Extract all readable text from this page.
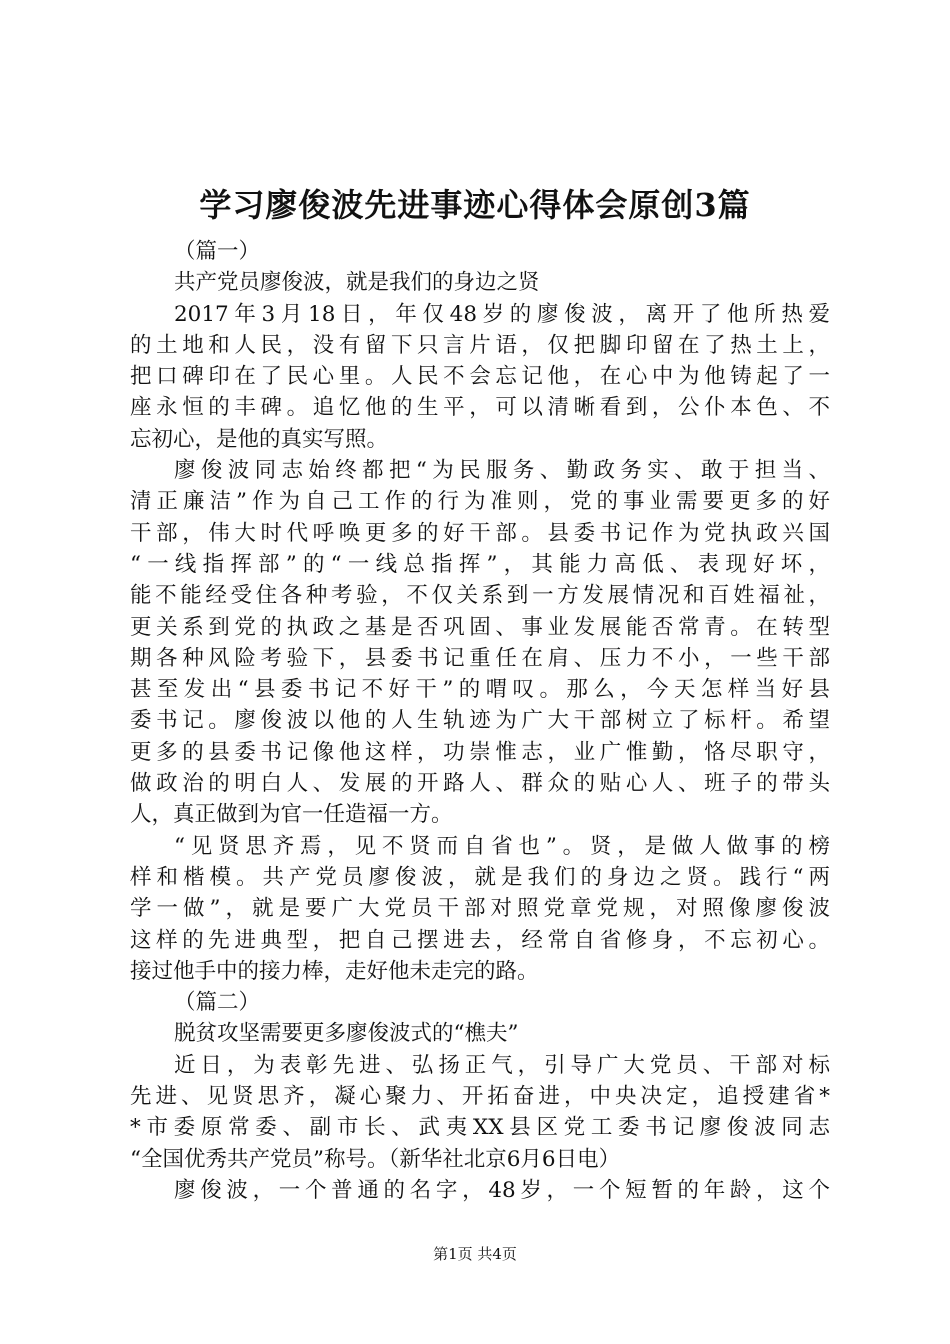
学习廖俊波先进事迹心得体会原创3篇

（篇一）

共产党员廖俊波，就是我们的身边之贤

2017年3月18日，年仅48岁的廖俊波，离开了他所热爱

的土地和人民，没有留下只言片语，仅把脚印留在了热土上，

把口碑印在了民心里。人民不会忘记他，在心中为他铸起了一

座永恒的丰碑。追忆他的生平，可以清晰看到，公仆本色、不

忘初心，是他的真实写照。

廖俊波同志始终都把“为民服务、勤政务实、敢于担当、

清正廉洁”作为自己工作的行为准则，党的事业需要更多的好

干部，伟大时代呼唤更多的好干部。县委书记作为党执政兴国

“一线指挥部”的“一线总指挥”，其能力高低、表现好坏，

能不能经受住各种考验，不仅关系到一方发展情况和百姓福祉，

更关系到党的执政之基是否巩固、事业发展能否常青。在转型

期各种风险考验下，县委书记重任在肩、压力不小，一些干部

甚至发出“县委书记不好干”的喟叹。那么，今天怎样当好县

委书记。廖俊波以他的人生轨迹为广大干部树立了标杆。希望

更多的县委书记像他这样，功崇惟志，业广惟勤，恪尽职守，

做政治的明白人、发展的开路人、群众的贴心人、班子的带头

人，真正做到为官一任造福一方。

“见贤思齐焉，见不贤而自省也”。贤，是做人做事的榜

样和楷模。共产党员廖俊波，就是我们的身边之贤。践行“两

学一做”，就是要广大党员干部对照党章党规，对照像廖俊波

这样的先进典型，把自己摆进去，经常自省修身，不忘初心。

接过他手中的接力棒，走好他未走完的路。

（篇二）

脱贫攻坚需要更多廖俊波式的“樵夫”

近日，为表彰先进、弘扬正气，引导广大党员、干部对标

先进、见贤思齐，凝心聚力、开拓奋进，中央决定，追授建省*

*市委原常委、副市长、武夷XX县区党工委书记廖俊波同志

“全国优秀共产党员”称号。（新华社北京6月6日电）

廖俊波，一个普通的名字，48岁，一个短暂的年龄，这个

第1页 共4页
